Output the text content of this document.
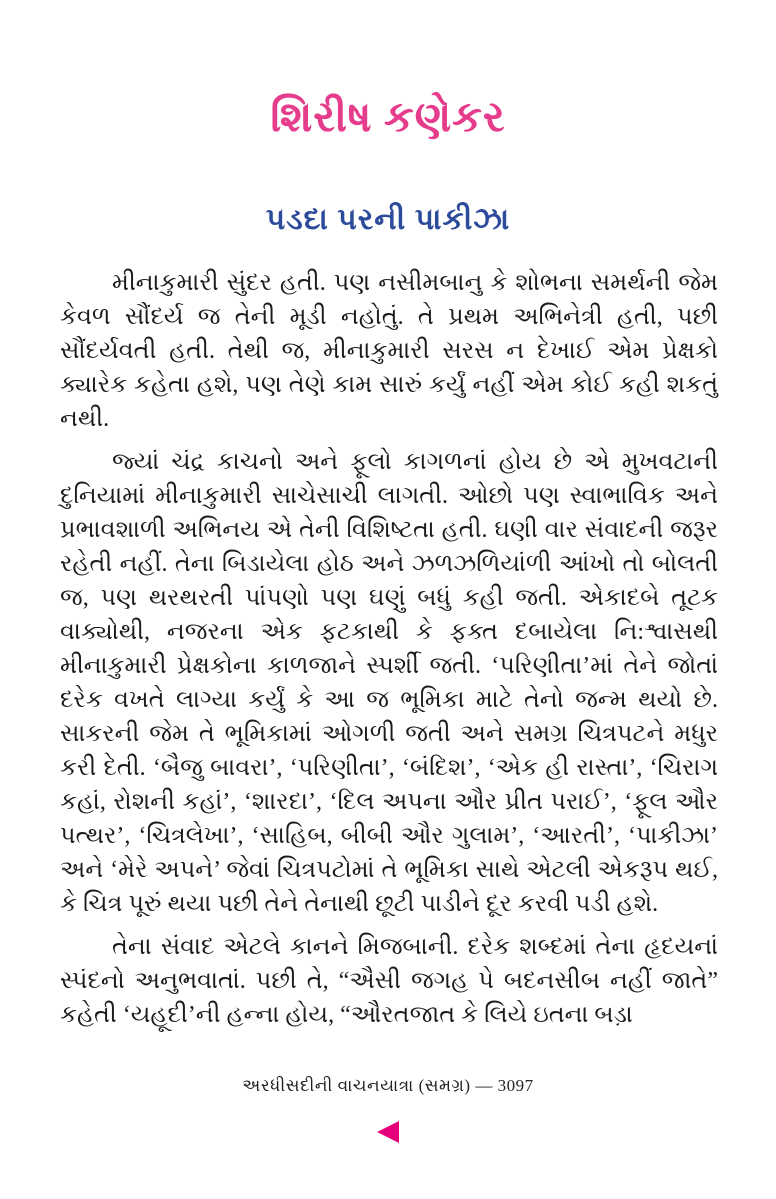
શિરીષ કણેકર
પડદા પરની પાકીઝા

મીનાકુમારી સુંદર હતી. પણ નસીમબાનુ કે શોભના સમર્થની જેમ કેવળ સૌંદર્ય જ તેની મૂડી નહોતું. તે પ્રથમ અભિનેત્રી હતી, પછી સૌંદર્યવતી હતી. તેથી જ, મીનાકુમારી સરસ ન દેખાઈ એમ પ્રેક્ષકો ક્યારેક કહેતા હશે, પણ તેણે કામ સારું કર્યું નહીં એમ કોઈ કહી શકતું નથી.

જ્યાં ચંદ્ર કાચનો અને ફૂલો કાગળનાં હોય છે એ મુખવટાની દુનિયામાં મીનાકુમારી સાચેસાચી લાગતી. ઓછો પણ સ્વાભાવિક અને પ્રભાવશાળી અભિનય એ તેની વિશિષ્ટતા હતી. ઘણી વાર સંવાદની જરૂર રહેતી નહીં. તેના બિડાયેલા હોઠ અને ઝળઝળિયાંળી આંખો તો બોલતી જ, પણ થરથરતી પાંપણો પણ ઘણું બધું કહી જતી. એકાદબે તૂટક વાક્યોથી, નજરના એક ફટકાથી કે ફક્ત દબાયેલા નિ:શ્વાસથી મીનાકુમારી પ્રેક્ષકોના કાળજાને સ્પર્શી જતી. ‘પરિણીતા’માં તેને જોતાં દરેક વખતે લાગ્યા કર્યું કે આ જ ભૂમિકા માટે તેનો જન્મ થયો છે. સાકરની જેમ તે ભૂમિકામાં ઓગળી જતી અને સમગ્ર ચિત્રપટને મધુર કરી દેતી. ‘બૈજુ બાવરા’, ‘પરિણીતા’, ‘બંદિશ’, ‘એક હી રાસ્તા’, ‘ચિરાગ કહાં, રોશની કહાં’, ‘શારદા’, ‘દિલ અપના ઔર પ્રીત પરાઈ’, ‘ફૂલ ઔર પત્થર’, ‘ચિત્રલેખા’, ‘સાહિબ, બીબી ઔર ગુલામ’, ‘આરતી’, ‘પાકીઝા’ અને ‘મેરે અપને’ જેવાં ચિત્રપટોમાં તે ભૂમિકા સાથે એટલી એકરૂપ થઈ, કે ચિત્ર પૂરું થયા પછી તેને તેનાથી છૂટી પાડીને દૂર કરવી પડી હશે.

તેના સંવાદ એટલે કાનને મિજબાની. દરેક શબ્દમાં તેના હૃદયનાં સ્પંદનો અનુભવાતાં. પછી તે, “ઐસી જગહ પે બદનસીબ નહીં જાતે” કહેતી ‘યહૂદી’ની હન્ના હોય, “ઔરતજાત કે લિયે ઇતના બડ઼ા

અરધીસદીની વાચનયાત્રા (સમગ્ર) — 3097
